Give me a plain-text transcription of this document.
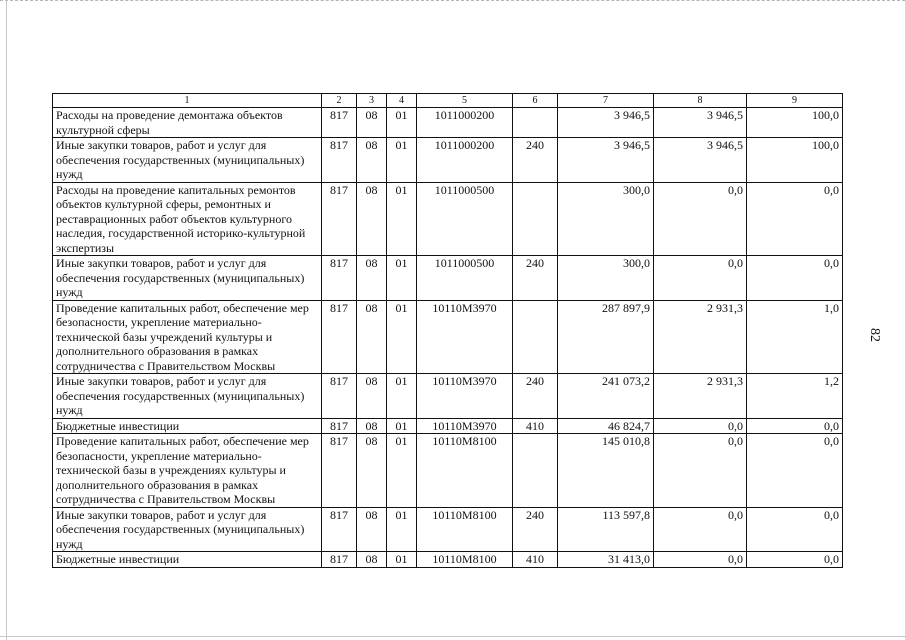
82
1	2	3	4	5	6	7	8	9
Расходы на проведение демонтажа объектов культурной сферы	817	08	01	1011000200		3 946,5	3 946,5	100,0
Иные закупки товаров, работ и услуг для обеспечения государственных (муниципальных) нужд	817	08	01	1011000200	240	3 946,5	3 946,5	100,0
Расходы на проведение капитальных ремонтов объектов культурной сферы, ремонтных и реставрационных работ объектов культурного наследия, государственной историко-культурной экспертизы	817	08	01	1011000500		300,0	0,0	0,0
Иные закупки товаров, работ и услуг для обеспечения государственных (муниципальных) нужд	817	08	01	1011000500	240	300,0	0,0	0,0
Проведение капитальных работ, обеспечение мер безопасности, укрепление материально-технической базы учреждений культуры и дополнительного образования в рамках сотрудничества с Правительством Москвы	817	08	01	10110М3970		287 897,9	2 931,3	1,0
Иные закупки товаров, работ и услуг для обеспечения государственных (муниципальных) нужд	817	08	01	10110М3970	240	241 073,2	2 931,3	1,2
Бюджетные инвестиции	817	08	01	10110М3970	410	46 824,7	0,0	0,0
Проведение капитальных работ, обеспечение мер безопасности, укрепление материально-технической базы в учреждениях культуры и дополнительного образования в рамках сотрудничества с Правительством Москвы	817	08	01	10110М8100		145 010,8	0,0	0,0
Иные закупки товаров, работ и услуг для обеспечения государственных (муниципальных) нужд	817	08	01	10110М8100	240	113 597,8	0,0	0,0
Бюджетные инвестиции	817	08	01	10110М8100	410	31 413,0	0,0	0,0
